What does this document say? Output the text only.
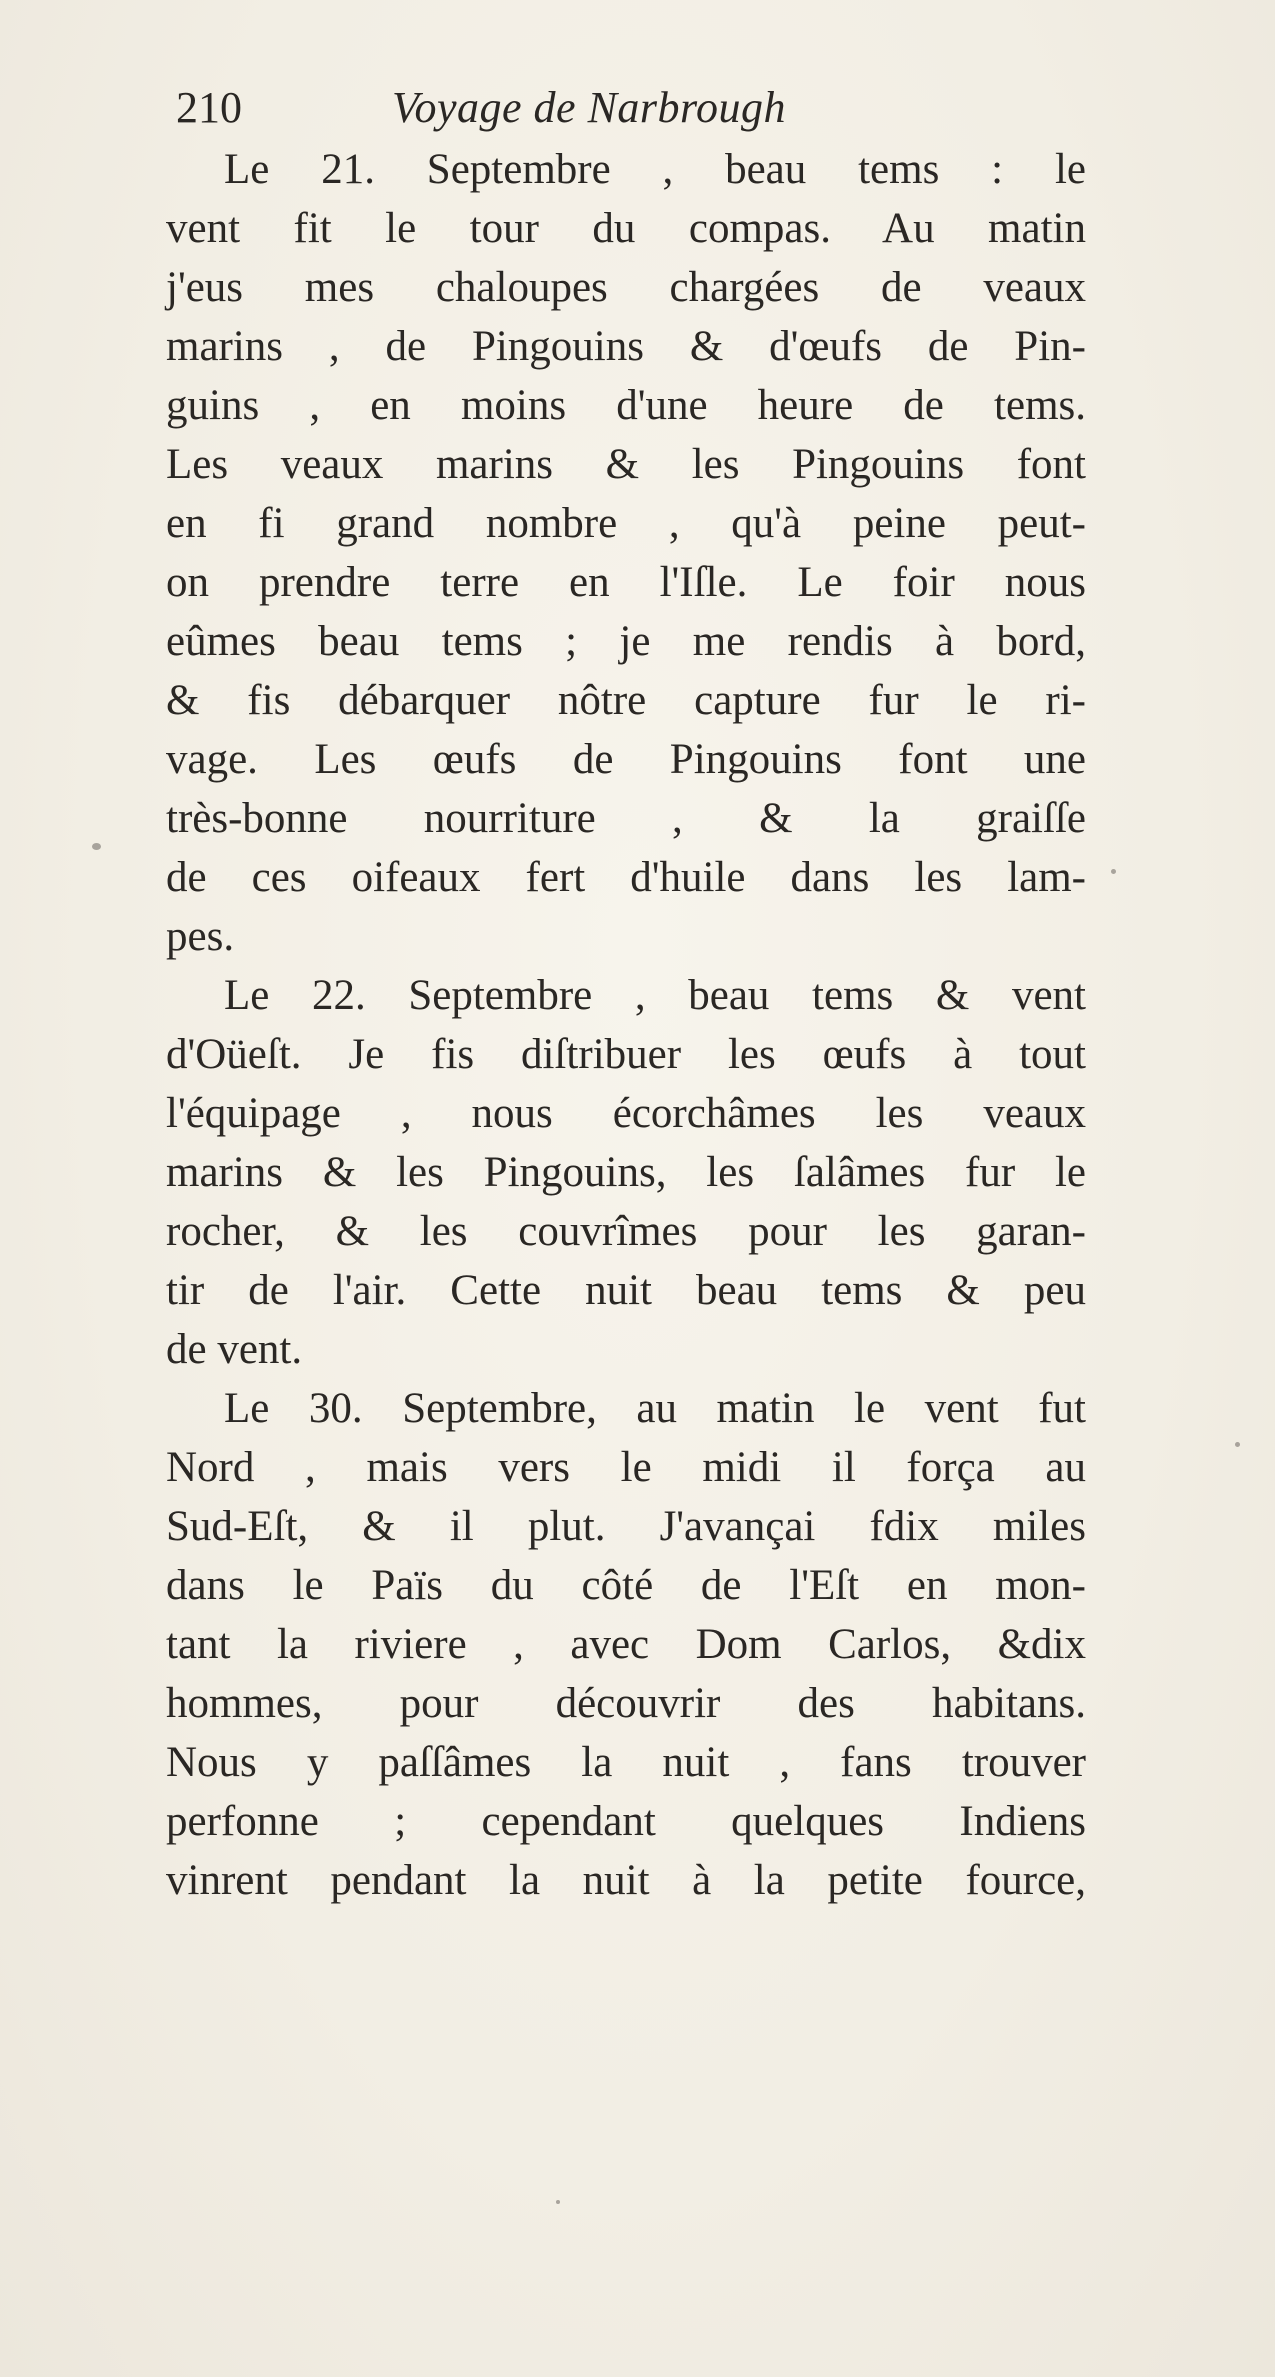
210	Voyage de Narbrough
Le 21. Septembre , beau tems : le
vent fit le tour du compas. Au matin
j'eus mes chaloupes chargées de veaux
marins , de Pingouins & d'œufs de Pin-
guins , en moins d'une heure de tems.
Les veaux marins & les Pingouins font
en fi grand nombre , qu'à peine peut-
on prendre terre en l'Iſle. Le foir nous
eûmes beau tems ; je me rendis à bord,
& fis débarquer nôtre capture fur le ri-
vage. Les œufs de Pingouins font une
très-bonne nourriture , & la graiſſe
de ces oifeaux fert d'huile dans les lam-
pes.
Le 22. Septembre , beau tems & vent
d'Oüeſt. Je fis diſtribuer les œufs à tout
l'équipage , nous écorchâmes les veaux
marins & les Pingouins, les ſalâmes fur le
rocher, & les couvrîmes pour les garan-
tir de l'air. Cette nuit beau tems & peu
de vent.
Le 30. Septembre, au matin le vent fut
Nord , mais vers le midi il força au
Sud-Eſt, & il plut. J'avançai fdix miles
dans le Païs du côté de l'Eſt en mon-
tant la riviere , avec Dom Carlos, &dix
hommes, pour découvrir des habitans.
Nous y paſſâmes la nuit , fans trouver
perfonne ; cependant quelques Indiens
vinrent pendant la nuit à la petite fource,
